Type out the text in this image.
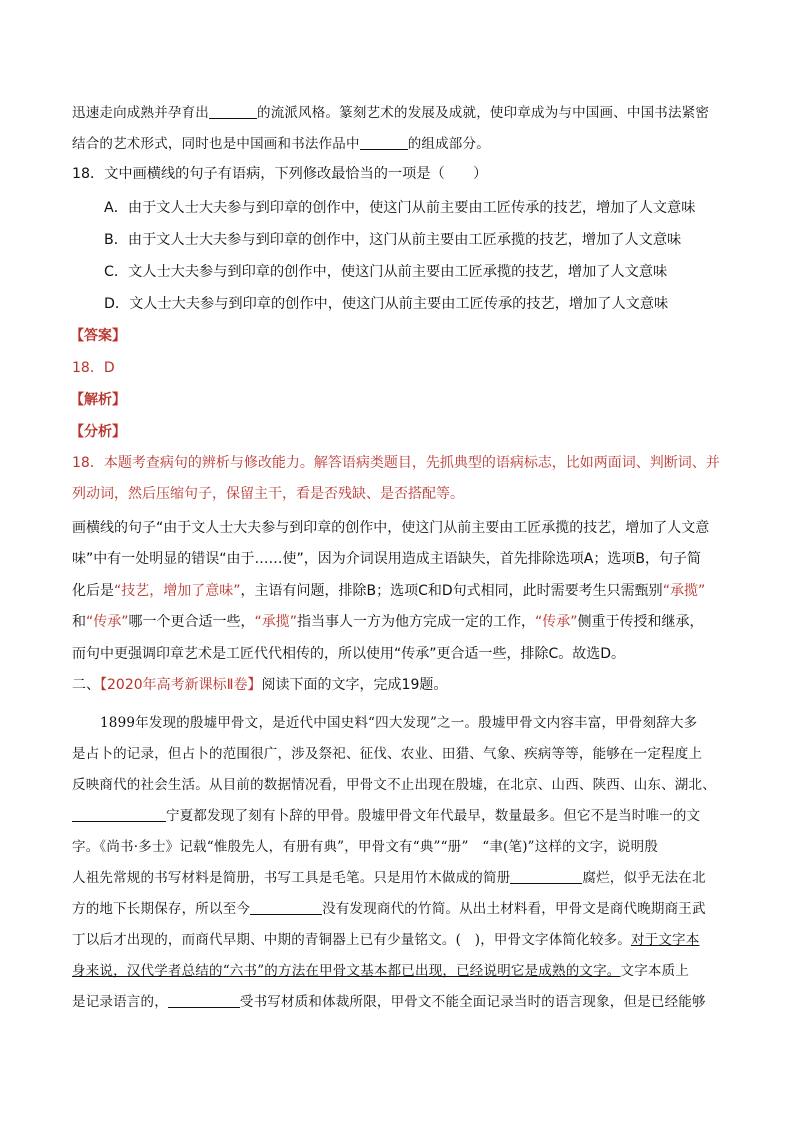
迅速走向成熟并孕育出	的流派风格。篆刻艺术的发展及成就，使印章成为与中国画、中国书法紧密
结合的艺术形式，同时也是中国画和书法作品中	的组成部分。
18．文中画横线的句子有语病，下列修改最恰当的一项是（　　）
A．由于文人士大夫参与到印章的创作中，使这门从前主要由工匠传承的技艺，增加了人文意味
B．由于文人士大夫参与到印章的创作中，这门从前主要由工匠承揽的技艺，增加了人文意味
C．文人士大夫参与到印章的创作中，使这门从前主要由工匠承揽的技艺，增加了人文意味
D．文人士大夫参与到印章的创作中，使这门从前主要由工匠传承的技艺，增加了人文意味
【答案】
18．D
【解析】
【分析】
18．本题考查病句的辨析与修改能力。解答语病类题目，先抓典型的语病标志，比如两面词、判断词、并
列动词，然后压缩句子，保留主干，看是否残缺、是否搭配等。
画横线的句子“由于文人士大夫参与到印章的创作中，使这门从前主要由工匠承揽的技艺，增加了人文意
味”中有一处明显的错误“由于……使”，因为介词误用造成主语缺失，首先排除选项A；选项B，句子简
化后是“技艺，增加了意味”，主语有问题，排除B；选项C和D句式相同，此时需要考生只需甄别“承揽”
和“传承”哪一个更合适一些，“承揽”指当事人一方为他方完成一定的工作，“传承”侧重于传授和继承，
而句中更强调印章艺术是工匠代代相传的，所以使用“传承”更合适一些，排除C。故选D。
二、【2020年高考新课标Ⅱ卷】阅读下面的文字，完成19题。
1899年发现的殷墟甲骨文，是近代中国史料“四大发现”之一。殷墟甲骨文内容丰富，甲骨刻辞大多
是占卜的记录，但占卜的范围很广，涉及祭祀、征伐、农业、田猎、气象、疾病等等，能够在一定程度上
反映商代的社会生活。从目前的数据情况看，甲骨文不止出现在殷墟，在北京、山西、陕西、山东、湖北、
宁夏都发现了刻有卜辞的甲骨。殷墟甲骨文年代最早，数量最多。但它不是当时唯一的文
字。《尚书·多士》记载“惟殷先人，有册有典”，甲骨文有“典”“册”　“聿(笔)”这样的文字，说明殷
人祖先常规的书写材料是简册，书写工具是毛笔。只是用竹木做成的简册	腐烂，似乎无法在北
方的地下长期保存，所以至今	没有发现商代的竹简。从出土材料看，甲骨文是商代晚期商王武
丁以后才出现的，而商代早期、中期的青铜器上已有少量铭文。(　)，甲骨文字体简化较多。对于文字本
身来说，汉代学者总结的“六书”的方法在甲骨文基本都已出现，已经说明它是成熟的文字。文字本质上
是记录语言的，	受书写材质和体裁所限，甲骨文不能全面记录当时的语言现象，但是已经能够
